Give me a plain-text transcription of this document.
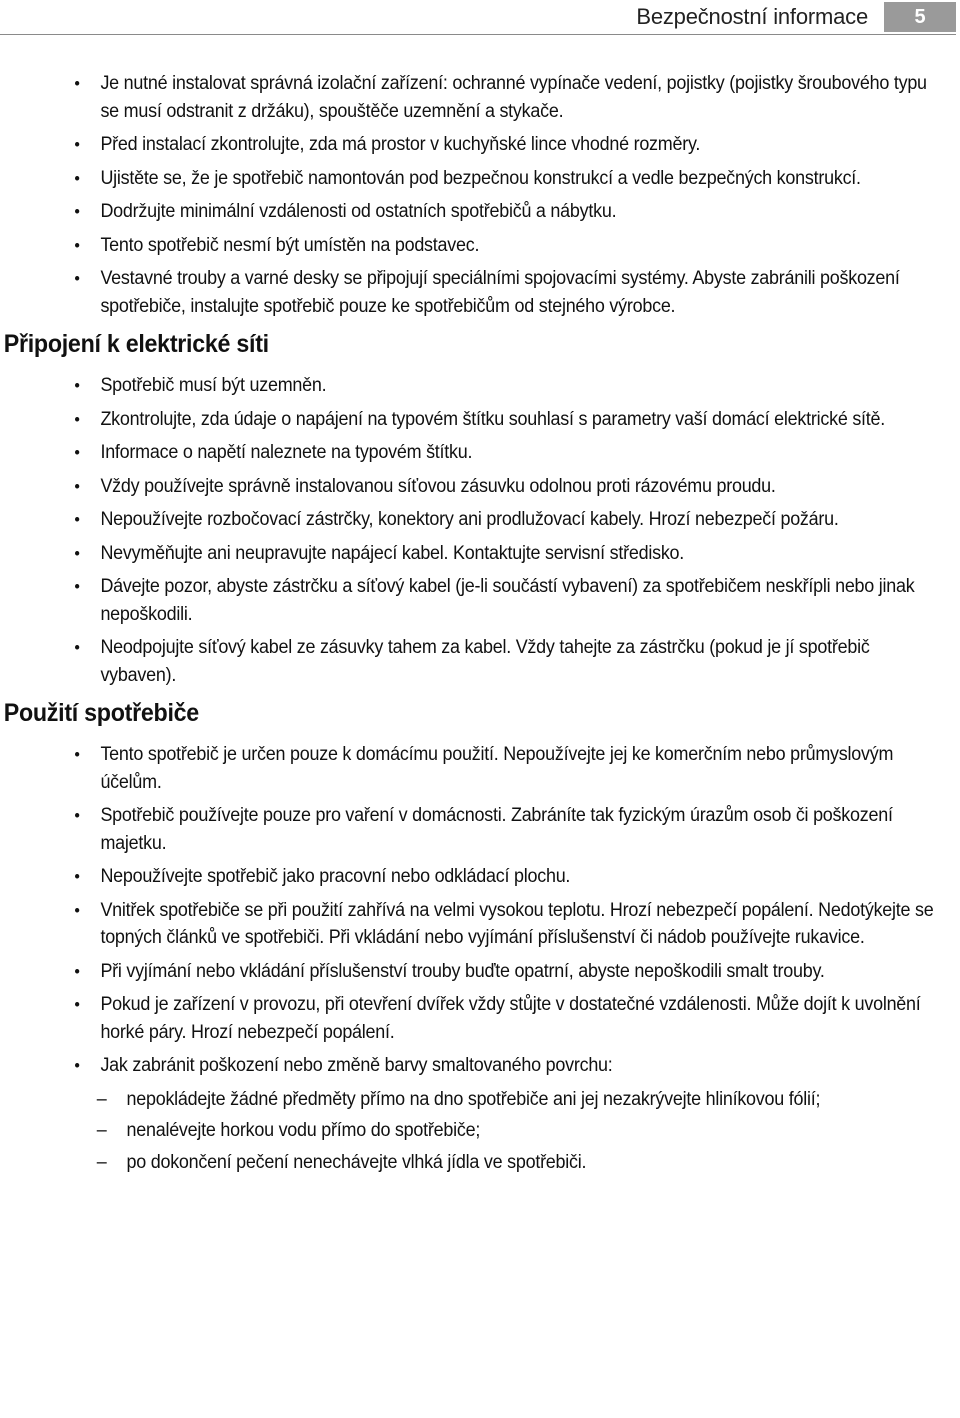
Bezpečnostní informace	5
• Je nutné instalovat správná izolační zařízení: ochranné vypínače vedení, pojistky (pojistky šroubového typu se musí odstranit z držáku), spouštěče uzemnění a stykače.
• Před instalací zkontrolujte, zda má prostor v kuchyňské lince vhodné rozměry.
• Ujistěte se, že je spotřebič namontován pod bezpečnou konstrukcí a vedle bezpečných konstrukcí.
• Dodržujte minimální vzdálenosti od ostatních spotřebičů a nábytku.
• Tento spotřebič nesmí být umístěn na podstavec.
• Vestavné trouby a varné desky se připojují speciálními spojovacími systémy. Abyste zabránili poškození spotřebiče, instalujte spotřebič pouze ke spotřebičům od stejného výrobce.
Připojení k elektrické síti
• Spotřebič musí být uzemněn.
• Zkontrolujte, zda údaje o napájení na typovém štítku souhlasí s parametry vaší domácí elektrické sítě.
• Informace o napětí naleznete na typovém štítku.
• Vždy používejte správně instalovanou síťovou zásuvku odolnou proti rázovému proudu.
• Nepoužívejte rozbočovací zástrčky, konektory ani prodlužovací kabely. Hrozí nebezpečí požáru.
• Nevyměňujte ani neupravujte napájecí kabel. Kontaktujte servisní středisko.
• Dávejte pozor, abyste zástrčku a síťový kabel (je-li součástí vybavení) za spotřebičem neskřípli nebo jinak nepoškodili.
• Neodpojujte síťový kabel ze zásuvky tahem za kabel. Vždy tahejte za zástrčku (pokud je jí spotřebič vybaven).
Použití spotřebiče
• Tento spotřebič je určen pouze k domácímu použití. Nepoužívejte jej ke komerčním nebo průmyslovým účelům.
• Spotřebič používejte pouze pro vaření v domácnosti. Zabráníte tak fyzickým úrazům osob či poškození majetku.
• Nepoužívejte spotřebič jako pracovní nebo odkládací plochu.
• Vnitřek spotřebiče se při použití zahřívá na velmi vysokou teplotu. Hrozí nebezpečí popálení. Nedotýkejte se topných článků ve spotřebiči. Při vkládání nebo vyjímání příslušenství či nádob používejte rukavice.
• Při vyjímání nebo vkládání příslušenství trouby buďte opatrní, abyste nepoškodili smalt trouby.
• Pokud je zařízení v provozu, při otevření dvířek vždy stůjte v dostatečné vzdálenosti. Může dojít k uvolnění horké páry. Hrozí nebezpečí popálení.
• Jak zabránit poškození nebo změně barvy smaltovaného povrchu:
– nepokládejte žádné předměty přímo na dno spotřebiče ani jej nezakrývejte hliníkovou fólií;
– nenalévejte horkou vodu přímo do spotřebiče;
– po dokončení pečení nenechávejte vlhká jídla ve spotřebiči.
